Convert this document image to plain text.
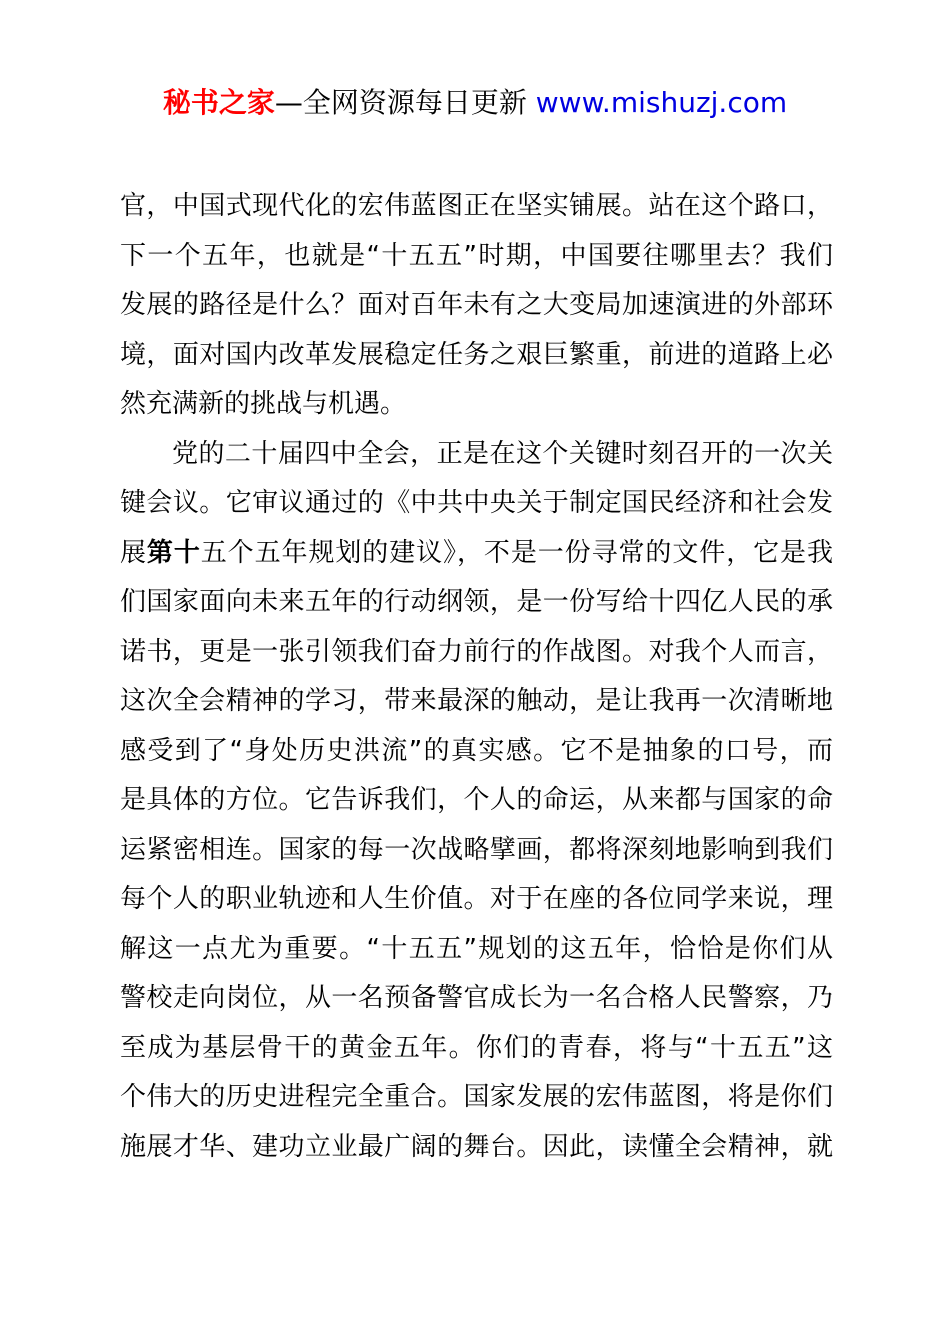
秘书之家—全网资源每日更新 www.mishuzj.com
官，中国式现代化的宏伟蓝图正在坚实铺展。站在这个路口，
下一个五年，也就是“十五五”时期，中国要往哪里去？我们
发展的路径是什么？面对百年未有之大变局加速演进的外部环
境，面对国内改革发展稳定任务之艰巨繁重，前进的道路上必
然充满新的挑战与机遇。
党的二十届四中全会，正是在这个关键时刻召开的一次关
键会议。它审议通过的《中共中央关于制定国民经济和社会发
展第十五个五年规划的建议》，不是一份寻常的文件，它是我
们国家面向未来五年的行动纲领，是一份写给十四亿人民的承
诺书，更是一张引领我们奋力前行的作战图。对我个人而言，
这次全会精神的学习，带来最深的触动，是让我再一次清晰地
感受到了“身处历史洪流”的真实感。它不是抽象的口号，而
是具体的方位。它告诉我们，个人的命运，从来都与国家的命
运紧密相连。国家的每一次战略擘画，都将深刻地影响到我们
每个人的职业轨迹和人生价值。对于在座的各位同学来说，理
解这一点尤为重要。“十五五”规划的这五年，恰恰是你们从
警校走向岗位，从一名预备警官成长为一名合格人民警察，乃
至成为基层骨干的黄金五年。你们的青春，将与“十五五”这
个伟大的历史进程完全重合。国家发展的宏伟蓝图，将是你们
施展才华、建功立业最广阔的舞台。因此，读懂全会精神，就
